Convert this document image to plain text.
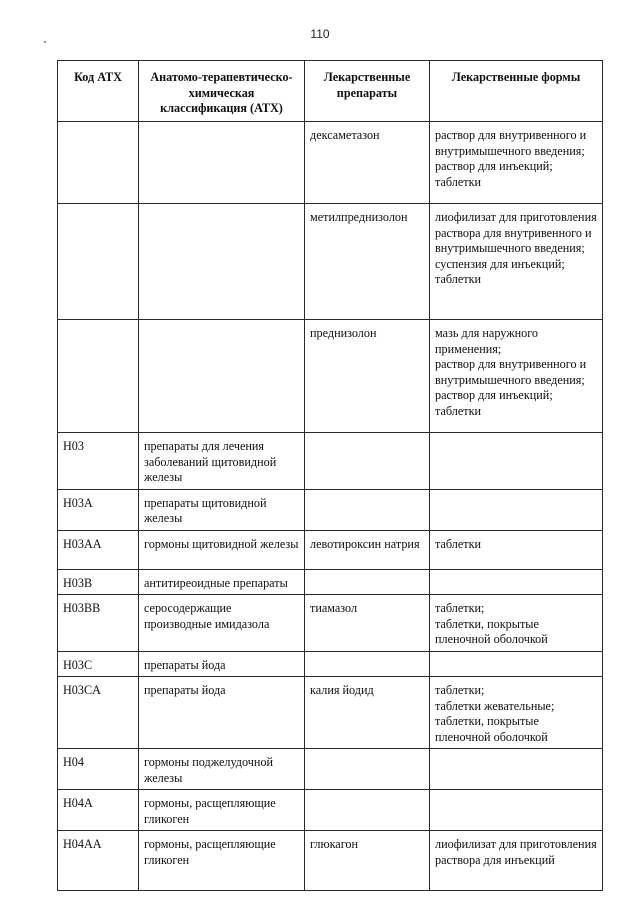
110
Код АТХ	Анатомо-терапевтическо-химическая классификация (АТХ)	Лекарственные препараты	Лекарственные формы
		дексаметазон	раствор для внутривенного и внутримышечного введения;
раствор для инъекций;
таблетки
		метилпреднизолон	лиофилизат для приготовления раствора для внутривенного и внутримышечного введения;
суспензия для инъекций;
таблетки
		преднизолон	мазь для наружного применения;
раствор для внутривенного и внутримышечного введения;
раствор для инъекций;
таблетки
H03	препараты для лечения заболеваний щитовидной железы		
H03A	препараты щитовидной железы		
H03AA	гормоны щитовидной железы	левотироксин натрия	таблетки
H03B	антитиреоидные препараты		
H03BB	серосодержащие производные имидазола	тиамазол	таблетки;
таблетки, покрытые пленочной оболочкой
H03C	препараты йода		
H03CA	препараты йода	калия йодид	таблетки;
таблетки жевательные;
таблетки, покрытые пленочной оболочкой
H04	гормоны поджелудочной железы		
H04A	гормоны, расщепляющие гликоген		
H04AA	гормоны, расщепляющие гликоген	глюкагон	лиофилизат для приготовления раствора для инъекций
